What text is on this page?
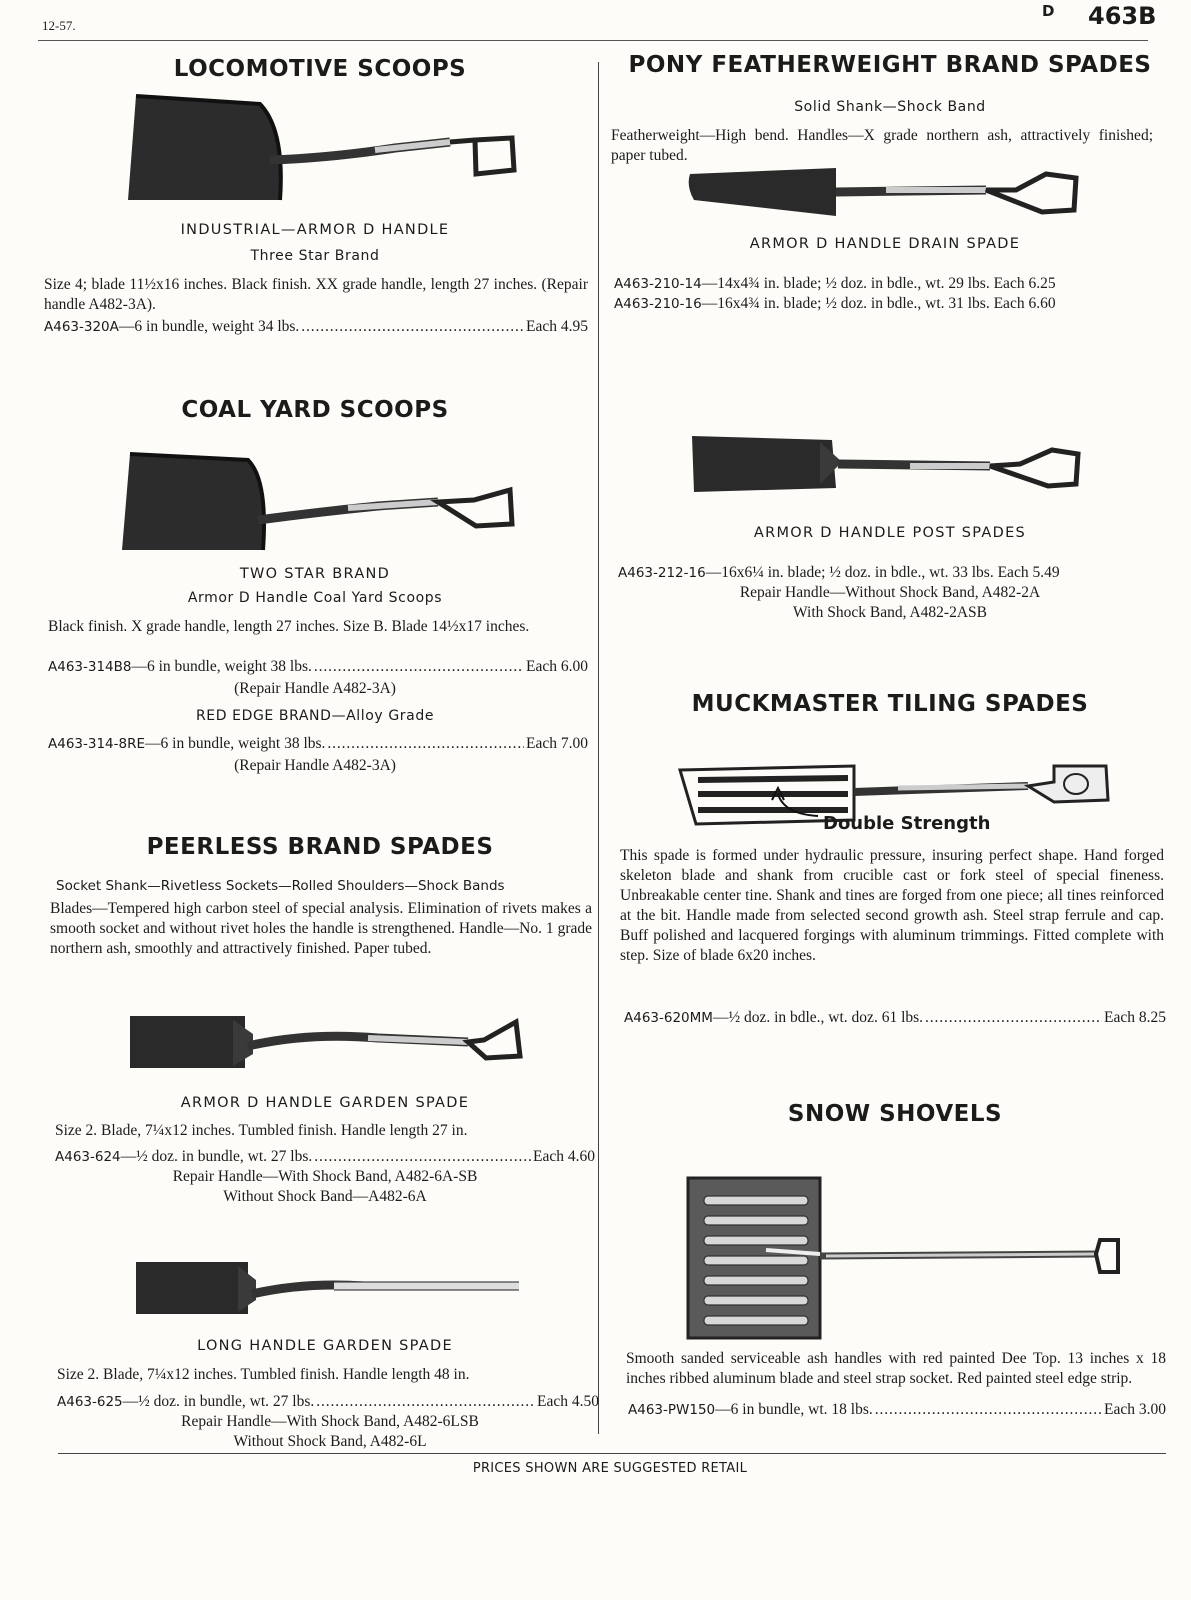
12-57.
D 463B
LOCOMOTIVE SCOOPS
INDUSTRIAL—ARMOR D HANDLE
Three Star Brand
Size 4; blade 11½x16 inches. Black finish. XX grade handle, length 27 inches. (Repair handle A482-3A).
A463-320A —6 in bundle, weight 34 lbs. . . .	Each 4.95
COAL YARD SCOOPS
TWO STAR BRAND
Armor D Handle Coal Yard Scoops
Black finish. X grade handle, length 27 inches. Size B. Blade 14½x17 inches.
A463-314B8 —6 in bundle, weight 38 lbs. . . .	Each 6.00
(Repair Handle A482-3A)
RED EDGE BRAND—Alloy Grade
A463-314-8RE —6 in bundle, weight 38 lbs. . . .	Each 7.00
(Repair Handle A482-3A)
PEERLESS BRAND SPADES
Socket Shank—Rivetless Sockets—Rolled Shoulders—Shock Bands
Blades—Tempered high carbon steel of special analysis. Elimination of rivets makes a smooth socket and without rivet holes the handle is strengthened. Handle—No. 1 grade northern ash, smoothly and attractively finished. Paper tubed.
ARMOR D HANDLE GARDEN SPADE
Size 2. Blade, 7¼x12 inches. Tumbled finish. Handle length 27 in.
A463-624 —½ doz. in bundle, wt. 27 lbs. . . .	Each 4.60
Repair Handle—With Shock Band, A482-6A-SB
Without Shock Band—A482-6A
LONG HANDLE GARDEN SPADE
Size 2. Blade, 7¼x12 inches. Tumbled finish. Handle length 48 in.
A463-625 —½ doz. in bundle, wt. 27 lbs. . . .	Each 4.50
Repair Handle—With Shock Band, A482-6LSB
Without Shock Band, A482-6L
PONY FEATHERWEIGHT BRAND SPADES
Solid Shank—Shock Band
Featherweight—High bend. Handles—X grade northern ash, attractively finished; paper tubed.
ARMOR D HANDLE DRAIN SPADE
A463-210-14—14x4¾ in. blade; ½ doz. in bdle., wt. 29 lbs. Each 6.25
A463-210-16—16x4¾ in. blade; ½ doz. in bdle., wt. 31 lbs. Each 6.60
ARMOR D HANDLE POST SPADES
A463-212-16—16x6¼ in. blade; ½ doz. in bdle., wt. 33 lbs. Each 5.49
Repair Handle—Without Shock Band, A482-2A
With Shock Band, A482-2ASB
MUCKMASTER TILING SPADES
Double Strength
This spade is formed under hydraulic pressure, insuring perfect shape. Hand forged skeleton blade and shank from crucible cast or fork steel of special fineness. Unbreakable center tine. Shank and tines are forged from one piece; all tines reinforced at the bit. Handle made from selected second growth ash. Steel strap ferrule and cap. Buff polished and lacquered forgings with aluminum trimmings. Fitted complete with step. Size of blade 6x20 inches.
A463-620MM —½ doz. in bdle., wt. doz. 61 lbs. . . .	Each 8.25
SNOW SHOVELS
Smooth sanded serviceable ash handles with red painted Dee Top. 13 inches x 18 inches ribbed aluminum blade and steel strap socket. Red painted steel edge strip.
A463-PW150 —6 in bundle, wt. 18 lbs. . . .	Each 3.00
PRICES SHOWN ARE SUGGESTED RETAIL
